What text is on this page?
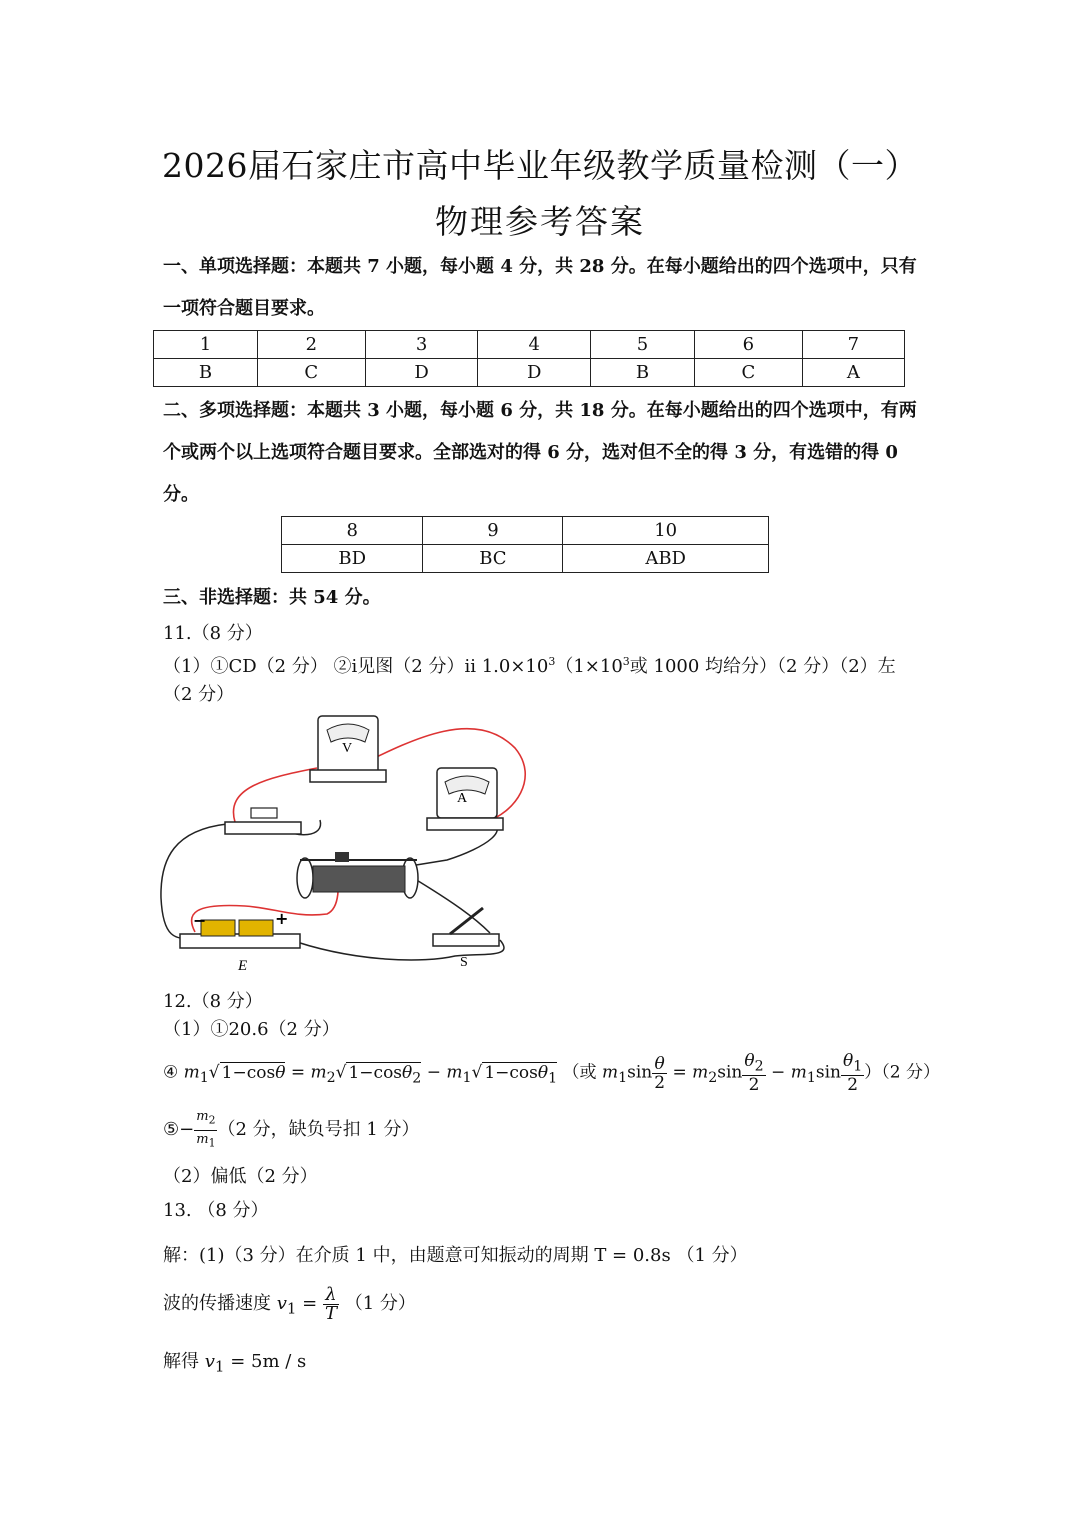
2026届石家庄市高中毕业年级教学质量检测（一）
物理参考答案
一、单项选择题：本题共 7 小题，每小题 4 分，共 28 分。在每小题给出的四个选项中，只有一项符合题目要求。
1	2	3	4	5	6	7
B	C	D	D	B	C	A
二、多项选择题：本题共 3 小题，每小题 6 分，共 18 分。在每小题给出的四个选项中，有两个或两个以上选项符合题目要求。全部选对的得 6 分，选对但不全的得 3 分，有选错的得 0 分。
8	9	10
BD	BC	ABD
三、非选择题：共 54 分。
11.（8 分）
（1）①CD（2 分） ②i见图（2 分）ii $1.0\times 10^3(1\times 10^3$或 1000 均给分）（2 分）（2）左（2 分）
V
A
−	+
E	S
12.（8 分）
（1）①20.6（2 分）
④ $m_1√$ $1-\cos\theta = m_2√$ $1-\cos\theta_2 - m_1√$ 1−cosθ$_1$ （或 $m_1\sin \frac{\theta}{2} = m_2\sin \frac{\theta_2}{2} - m_1\sin \frac{\theta_1}{2} )(2$ 分）
⑤− $\frac{m_2}{m_1} (2$ 分，缺负号扣 1 分）
（2）偏低（2 分）
13. （8 分）
解：(1)（3 分）在介质 1 中，由题意可知振动的周期 T = 0.8s （1 分）
波的传播速度 $v_1 = \frac{\lambda}{T} (1$ 分）
解得 $v_1 = 5m / s$
